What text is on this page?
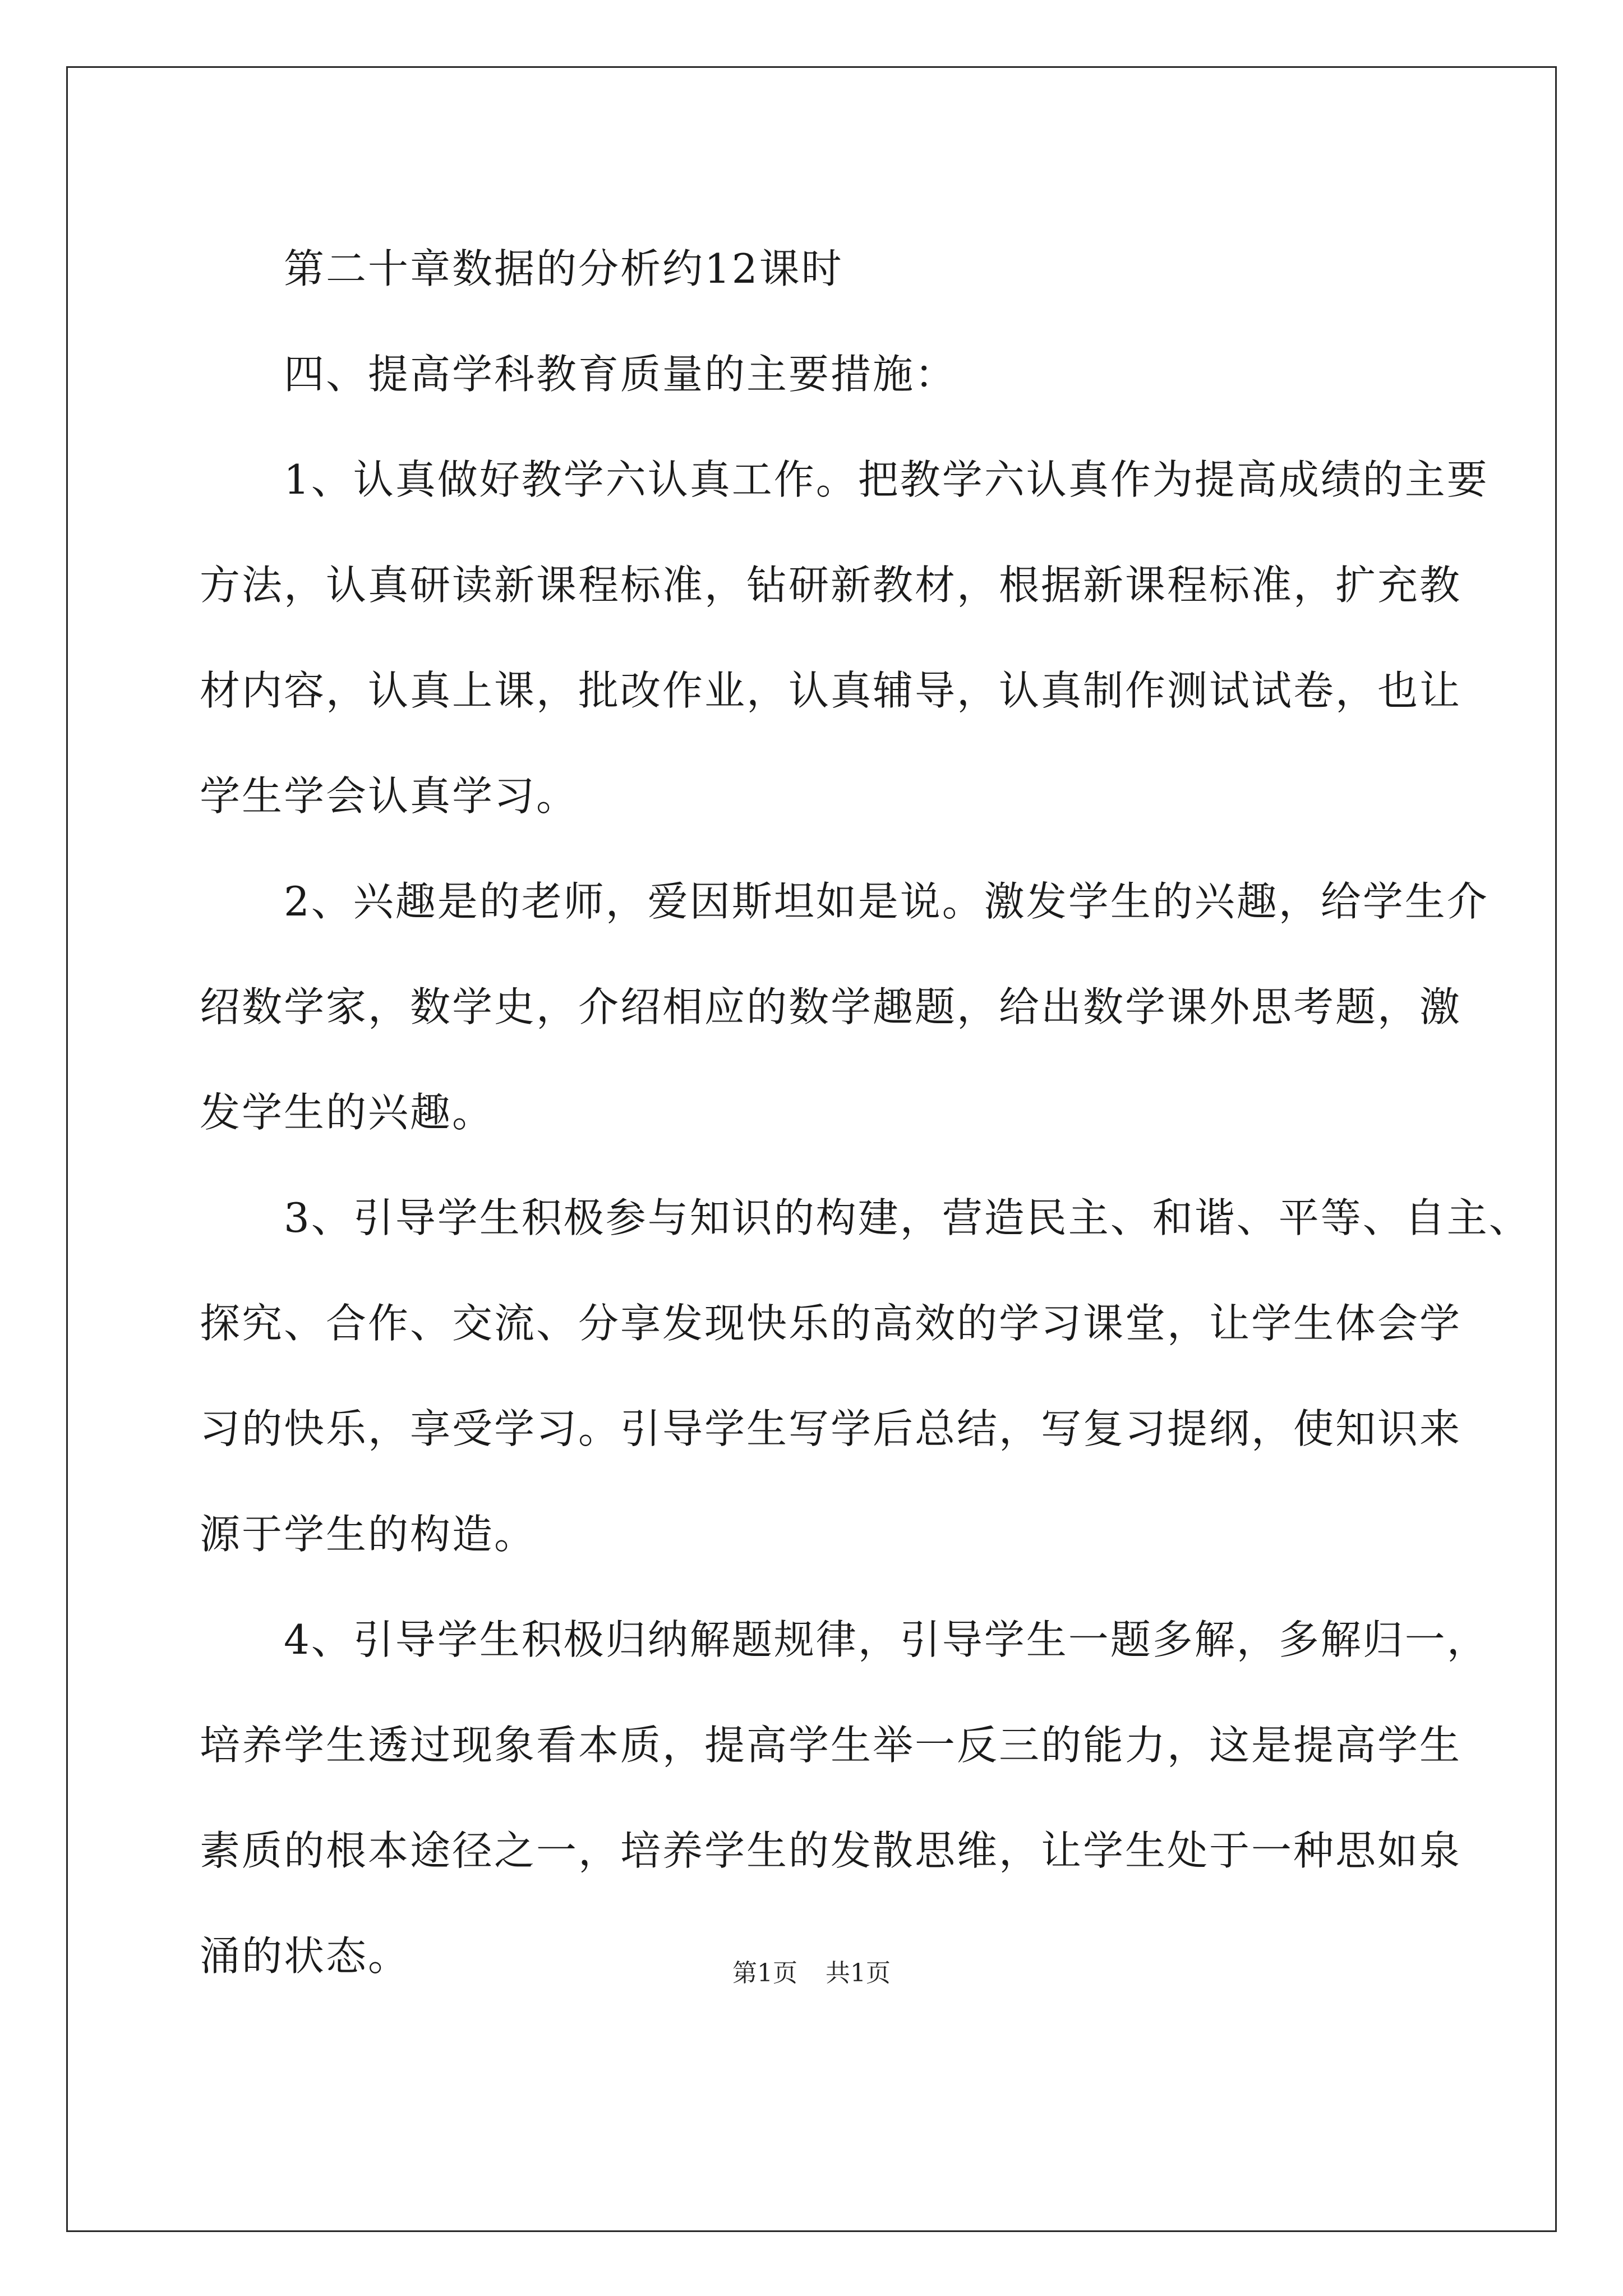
第二十章数据的分析约12课时
四、提高学科教育质量的主要措施：
1、认真做好教学六认真工作。把教学六认真作为提高成绩的主要
方法，认真研读新课程标准，钻研新教材，根据新课程标准，扩充教
材内容，认真上课，批改作业，认真辅导，认真制作测试试卷，也让
学生学会认真学习。
2、兴趣是的老师，爱因斯坦如是说。激发学生的兴趣，给学生介
绍数学家，数学史，介绍相应的数学趣题，给出数学课外思考题，激
发学生的兴趣。
3、引导学生积极参与知识的构建，营造民主、和谐、平等、自主、
探究、合作、交流、分享发现快乐的高效的学习课堂，让学生体会学
习的快乐，享受学习。引导学生写学后总结，写复习提纲，使知识来
源于学生的构造。
4、引导学生积极归纳解题规律，引导学生一题多解，多解归一，
培养学生透过现象看本质，提高学生举一反三的能力，这是提高学生
素质的根本途径之一，培养学生的发散思维，让学生处于一种思如泉
涌的状态。	第1页 共1页
